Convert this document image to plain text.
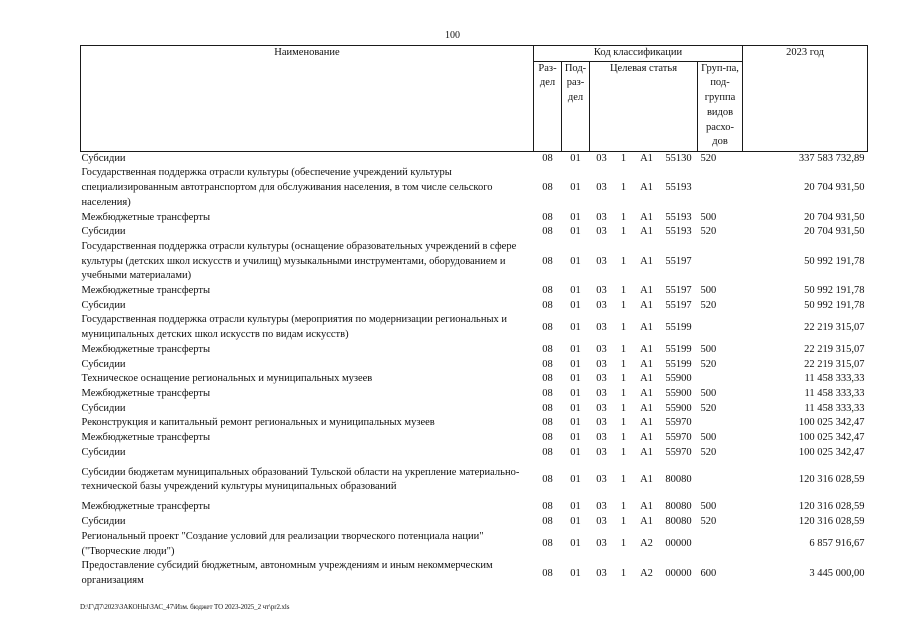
100
Наименование	Код классификации							2023 год
	Раз-дел	Под-раз-дел	Целевая статья				Груп-па, под-группа видов расхо-дов	
Субсидии	08	01	03	1	A1	55130	520	337 583 732,89
Государственная поддержка отрасли культуры (обеспечение учреждений культуры специализированным автотранспортом для обслуживания населения, в том числе сельского населения)	08	01	03	1	A1	55193		20 704 931,50
Межбюджетные трансферты	08	01	03	1	A1	55193	500	20 704 931,50
Субсидии	08	01	03	1	A1	55193	520	20 704 931,50
Государственная поддержка отрасли культуры (оснащение образовательных учреждений в сфере культуры (детских школ искусств и училищ) музыкальными инструментами, оборудованием и учебными материалами)	08	01	03	1	A1	55197		50 992 191,78
Межбюджетные трансферты	08	01	03	1	A1	55197	500	50 992 191,78
Субсидии	08	01	03	1	A1	55197	520	50 992 191,78
Государственная поддержка отрасли культуры (мероприятия по модернизации региональных и муниципальных детских школ искусств по видам искусств)	08	01	03	1	A1	55199		22 219 315,07
Межбюджетные трансферты	08	01	03	1	A1	55199	500	22 219 315,07
Субсидии	08	01	03	1	A1	55199	520	22 219 315,07
Техническое оснащение региональных и муниципальных музеев	08	01	03	1	A1	55900		11 458 333,33
Межбюджетные трансферты	08	01	03	1	A1	55900	500	11 458 333,33
Субсидии	08	01	03	1	A1	55900	520	11 458 333,33
Реконструкция и капитальный ремонт региональных и муниципальных музеев	08	01	03	1	A1	55970		100 025 342,47
Межбюджетные трансферты	08	01	03	1	A1	55970	500	100 025 342,47
Субсидии	08	01	03	1	A1	55970	520	100 025 342,47
Субсидии бюджетам муниципальных образований Тульской области на укрепление материально-технической базы учреждений культуры муниципальных образований	08	01	03	1	A1	80080		120 316 028,59
Межбюджетные трансферты	08	01	03	1	A1	80080	500	120 316 028,59
Субсидии	08	01	03	1	A1	80080	520	120 316 028,59
Региональный проект "Создание условий для реализации творческого потенциала нации" ("Творческие люди")	08	01	03	1	A2	00000		6 857 916,67
Предоставление субсидий бюджетным, автономным учреждениям и иным некоммерческим организациям	08	01	03	1	A2	00000	600	3 445 000,00
D:\Г\Д7\2023\ЗАКОНЫ\ЗАС_47\Изм. бюджет ТО 2023-2025_2 чт\pr2.xls
